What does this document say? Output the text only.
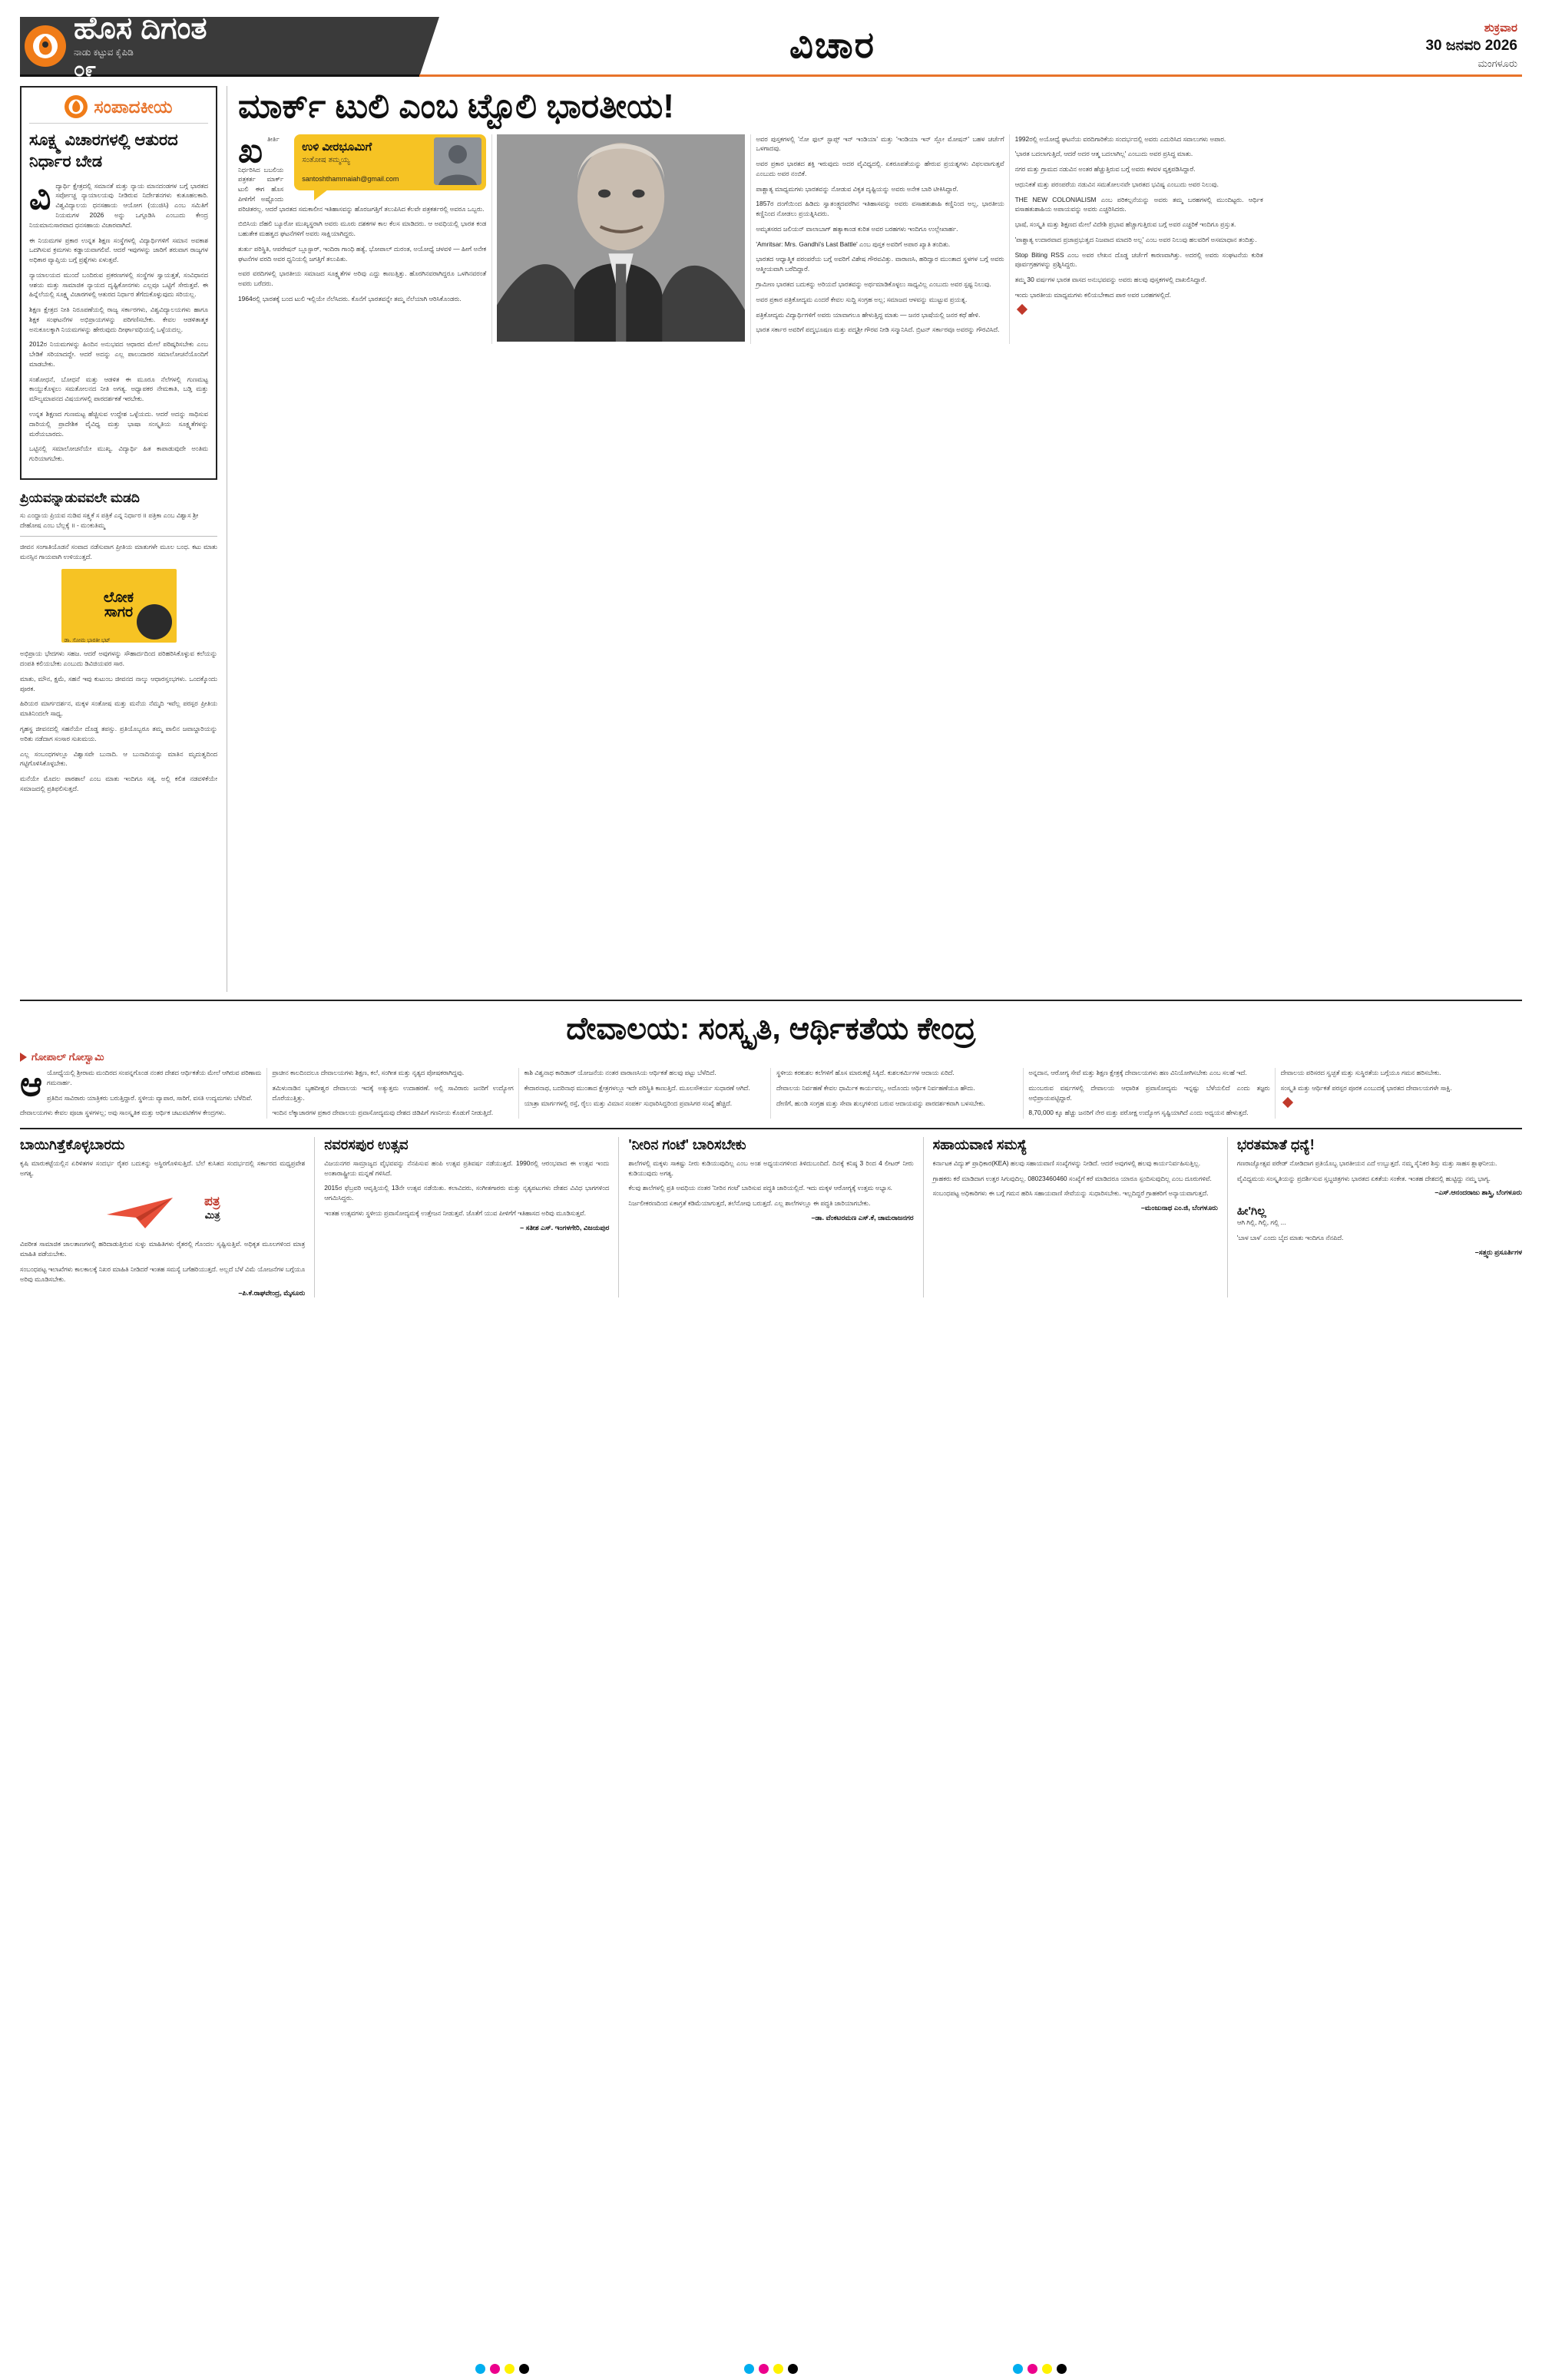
ಹೊಸ ದಿಗಂತ
ನಾಡು ಕಟ್ಟುವ ಕೈಪಿಡಿ
೦೯
ವಿಚಾರ	ಶುಕ್ರವಾರ
30 ಜನವರಿ 2026
ಮಂಗಳೂರು
ಸಂಪಾದಕೀಯ
ಸೂಕ್ಷ್ಮ ವಿಚಾರಗಳಲ್ಲಿ ಆತುರದ ನಿರ್ಧಾರ ಬೇಡ

ವಿದ್ಯಾರ್ಥಿ ಕ್ಷೇತ್ರದಲ್ಲಿ ಸಮಾನತೆ ಮತ್ತು ನ್ಯಾಯ ಮಾನದಂಡಗಳ ಬಗ್ಗೆ ಭಾರತದ ಸರ್ವೋಚ್ಚ ನ್ಯಾಯಾಲಯವು ನೀಡಿರುವ ನಿರ್ದೇಶನಗಳು ಕುತೂಹಲಕಾರಿ. ವಿಶ್ವವಿದ್ಯಾಲಯ ಧನಸಹಾಯ ಆಯೋಗ (ಯುಜಿಸಿ) ಎಂಬ ಸಮಿತಿಗೆ ನಿಯಮಗಳ 2026 ಅನ್ನು ಒಗ್ಗೂಡಿಸಿ ಎಂಬುದು ಕೇಂದ್ರ ನಿಯಮಾನುಸಾರವಾದ ಧನಸಹಾಯ ವಿಚಾರವಾಗಿದೆ.

ಈ ನಿಯಮಗಳ ಪ್ರಕಾರ ಉನ್ನತ ಶಿಕ್ಷಣ ಸಂಸ್ಥೆಗಳಲ್ಲಿ ವಿದ್ಯಾರ್ಥಿಗಳಿಗೆ ಸಮಾನ ಅವಕಾಶ ಒದಗಿಸುವ ಕ್ರಮಗಳು ಕಡ್ಡಾಯವಾಗಲಿವೆ. ಆದರೆ ಇವುಗಳನ್ನು ಜಾರಿಗೆ ತರುವಾಗ ರಾಜ್ಯಗಳ ಅಧಿಕಾರ ವ್ಯಾಪ್ತಿಯ ಬಗ್ಗೆ ಪ್ರಶ್ನೆಗಳು ಏಳುತ್ತವೆ.

ನ್ಯಾಯಾಲಯದ ಮುಂದೆ ಬಂದಿರುವ ಪ್ರಕರಣಗಳಲ್ಲಿ ಸಂಸ್ಥೆಗಳ ಸ್ವಾಯತ್ತತೆ, ಸಂವಿಧಾನದ ಆಶಯ ಮತ್ತು ಸಾಮಾಜಿಕ ನ್ಯಾಯದ ದೃಷ್ಟಿಕೋನಗಳು ಎಲ್ಲವೂ ಒಟ್ಟಿಗೆ ಸೇರುತ್ತವೆ. ಈ ಹಿನ್ನೆಲೆಯಲ್ಲಿ ಸೂಕ್ಷ್ಮ ವಿಚಾರಗಳಲ್ಲಿ ಆತುರದ ನಿರ್ಧಾರ ತೆಗೆದುಕೊಳ್ಳುವುದು ಸರಿಯಲ್ಲ.

ಶಿಕ್ಷಣ ಕ್ಷೇತ್ರದ ನೀತಿ ನಿರೂಪಣೆಯಲ್ಲಿ ರಾಜ್ಯ ಸರ್ಕಾರಗಳು, ವಿಶ್ವವಿದ್ಯಾಲಯಗಳು ಹಾಗೂ ಶಿಕ್ಷಕ ಸಂಘಟನೆಗಳ ಅಭಿಪ್ರಾಯಗಳನ್ನು ಪರಿಗಣಿಸಬೇಕು. ಕೇವಲ ಆಡಳಿತಾತ್ಮಕ ಅನುಕೂಲಕ್ಕಾಗಿ ನಿಯಮಗಳನ್ನು ಹೇರುವುದು ದೀರ್ಘಾವಧಿಯಲ್ಲಿ ಒಳ್ಳೆಯದಲ್ಲ.

2012ರ ನಿಯಮಗಳನ್ನು ಹಿಂದಿನ ಅನುಭವದ ಆಧಾರದ ಮೇಲೆ ಪರಿಷ್ಕರಿಸಬೇಕು ಎಂಬ ಬೇಡಿಕೆ ಸರಿಯಾದದ್ದೇ. ಆದರೆ ಅದನ್ನು ಎಲ್ಲ ಪಾಲುದಾರರ ಸಮಾಲೋಚನೆಯೊಂದಿಗೆ ಮಾಡಬೇಕು.

ಸಂಶೋಧನೆ, ಬೋಧನೆ ಮತ್ತು ಆಡಳಿತ ಈ ಮೂರೂ ನೆಲೆಗಳಲ್ಲಿ ಗುಣಮಟ್ಟ ಕಾಯ್ದುಕೊಳ್ಳಲು ಸಮತೋಲನದ ನೀತಿ ಅಗತ್ಯ. ಅಧ್ಯಾಪಕರ ನೇಮಕಾತಿ, ಬಡ್ತಿ ಮತ್ತು ಮೌಲ್ಯಮಾಪನದ ವಿಷಯಗಳಲ್ಲಿ ಪಾರದರ್ಶಕತೆ ಇರಬೇಕು.

ಉನ್ನತ ಶಿಕ್ಷಣದ ಗುಣಮಟ್ಟ ಹೆಚ್ಚಿಸುವ ಉದ್ದೇಶ ಒಳ್ಳೆಯದು. ಆದರೆ ಅದನ್ನು ಸಾಧಿಸುವ ದಾರಿಯಲ್ಲಿ ಪ್ರಾದೇಶಿಕ ವೈವಿಧ್ಯ ಮತ್ತು ಭಾಷಾ ಸಂಸ್ಕೃತಿಯ ಸೂಕ್ಷ್ಮತೆಗಳನ್ನು ಮರೆಯಬಾರದು.

ಒಟ್ಟಿನಲ್ಲಿ ಸಮಾಲೋಚನೆಯೇ ಮುಖ್ಯ. ವಿದ್ಯಾರ್ಥಿ ಹಿತ ಕಾಪಾಡುವುದೇ ಅಂತಿಮ ಗುರಿಯಾಗಬೇಕು.

ಪ್ರಿಯವನ್ನಾಡುವವಲೇ ಮಡದಿ
ಸು ಎಂದ್ದಾಯ ಪ್ರಿಯವ ನುಡಿವ ಸತ್ತ್ವಕೆ ಸ ಪತ್ರಿಕೆ ಎನ್ನ ನಿರ್ಧಾರ ॥ ಪತ್ರಿಕಾ ಎಂಬ ವಿಶ್ವಾಸ ಶ್ರೀ ದೇಹೋಷ ಎಂಬ ಬೆಲ್ಲಕ್ಕೆ ॥ - ಮಂಕುತಿಮ್ಮ
ಜೀವನ ಸಂಗಾತಿಯೊಡನೆ ಸಂವಾದ ನಡೆಸುವಾಗ ಪ್ರೀತಿಯ ಮಾತುಗಳೇ ಮೂಲ ಬಂಧ. ಕಟು ಮಾತು ಮನಸ್ಸಿನ ಗಾಯವಾಗಿ ಉಳಿಯುತ್ತದೆ.
ಲೋಕ
ಸಾಗರ
ಡಾ. ಸೋಮ ಭಾರತೀ ಭಟ್

ಅಭಿಪ್ರಾಯ ಭೇದಗಳು ಸಹಜ. ಆದರೆ ಅವುಗಳನ್ನು ಸೌಹಾರ್ದದಿಂದ ಪರಿಹರಿಸಿಕೊಳ್ಳುವ ಕಲೆಯನ್ನು ದಂಪತಿ ಕಲಿಯಬೇಕು ಎಂಬುದು ಡಿವಿಜಿಯವರ ಸಾರ.

ಮಾತು, ಮೌನ, ಕ್ಷಮೆ, ಸಹನೆ ಇವು ಕುಟುಂಬ ಜೀವನದ ನಾಲ್ಕು ಆಧಾರಸ್ತಂಭಗಳು. ಒಂದಕ್ಕೊಂದು ಪೂರಕ.

ಹಿರಿಯರ ಮಾರ್ಗದರ್ಶನ, ಮಕ್ಕಳ ಸಂತೋಷ ಮತ್ತು ಮನೆಯ ನೆಮ್ಮದಿ ಇವೆಲ್ಲ ಪರಸ್ಪರ ಪ್ರೀತಿಯ ಮಾತಿನಿಂದಲೇ ಸಾಧ್ಯ.

ಗೃಹಸ್ಥ ಜೀವನದಲ್ಲಿ ಸಹನೆಯೇ ದೊಡ್ಡ ತಪಸ್ಸು. ಪ್ರತಿಯೊಬ್ಬರೂ ತಮ್ಮ ಪಾಲಿನ ಜವಾಬ್ದಾರಿಯನ್ನು ಅರಿತು ನಡೆದಾಗ ಸಂಸಾರ ಸುಖಮಯ.

ಎಲ್ಲ ಸಂಬಂಧಗಳಲ್ಲೂ ವಿಶ್ವಾಸವೇ ಬುನಾದಿ. ಆ ಬುನಾದಿಯನ್ನು ಮಾತಿನ ಮೃದುತ್ವದಿಂದ ಗಟ್ಟಿಗೊಳಿಸಿಕೊಳ್ಳಬೇಕು.

ಮನೆಯೇ ಮೊದಲ ಪಾಠಶಾಲೆ ಎಂಬ ಮಾತು ಇಂದಿಗೂ ಸತ್ಯ. ಅಲ್ಲಿ ಕಲಿತ ನಡವಳಿಕೆಯೇ ಸಮಾಜದಲ್ಲಿ ಪ್ರತಿಫಲಿಸುತ್ತದೆ.

ಮಾರ್ಕ್ ಟುಲಿ ಎಂಬ ಟ್ಟೊಲಿ ಭಾರತೀಯ!
ಉಳಿ ವೀರಭೂಮಿಗೆ
ಸಂತೋಷ ತಮ್ಮಯ್ಯ
santoshthammaiah@gmail.com

ಖತೀರ್ತಿ ನಿರ್ಧರಿಸಿದ ಬಬಲಿಯ ಪತ್ರಕರ್ತ ಮಾರ್ಕ್ ಟುಲಿ ಈಗ ಹೊಸ ಪೀಳಿಗೆಗೆ ಅಷ್ಟೊಂದು ಪರಿಚಿತರಲ್ಲ. ಆದರೆ ಭಾರತದ ಸಮಕಾಲೀನ ಇತಿಹಾಸವನ್ನು ಹೊರಜಗತ್ತಿಗೆ ತಲುಪಿಸಿದ ಕೆಲವೇ ಪತ್ರಕರ್ತರಲ್ಲಿ ಅವರೂ ಒಬ್ಬರು.

ಬಿಬಿಸಿಯ ದೆಹಲಿ ಬ್ಯೂರೋ ಮುಖ್ಯಸ್ಥರಾಗಿ ಅವರು ಮೂರು ದಶಕಗಳ ಕಾಲ ಕೆಲಸ ಮಾಡಿದರು. ಆ ಅವಧಿಯಲ್ಲಿ ಭಾರತ ಕಂಡ ಬಹುತೇಕ ಮಹತ್ವದ ಘಟನೆಗಳಿಗೆ ಅವರು ಸಾಕ್ಷಿಯಾಗಿದ್ದರು.

ತುರ್ತು ಪರಿಸ್ಥಿತಿ, ಆಪರೇಷನ್ ಬ್ಲೂಸ್ಟಾರ್, ಇಂದಿರಾ ಗಾಂಧಿ ಹತ್ಯೆ, ಭೋಪಾಲ್ ದುರಂತ, ಅಯೋಧ್ಯೆ ಚಳವಳಿ — ಹೀಗೆ ಅನೇಕ ಘಟನೆಗಳ ವರದಿ ಅವರ ಧ್ವನಿಯಲ್ಲಿ ಜಗತ್ತಿಗೆ ತಲುಪಿತು.

ಅವರ ವರದಿಗಳಲ್ಲಿ ಭಾರತೀಯ ಸಮಾಜದ ಸೂಕ್ಷ್ಮತೆಗಳ ಅರಿವು ಎದ್ದು ಕಾಣುತ್ತಿತ್ತು. ಹೊರಗಿನವರಾಗಿದ್ದರೂ ಒಳಗಿನವರಂತೆ ಅವರು ಬರೆದರು.

1964ರಲ್ಲಿ ಭಾರತಕ್ಕೆ ಬಂದ ಟುಲಿ ಇಲ್ಲಿಯೇ ನೆಲೆಸಿದರು. ಕೊನೆಗೆ ಭಾರತವನ್ನೇ ತಮ್ಮ ನೆಲೆಯಾಗಿ ಆರಿಸಿಕೊಂಡರು.

ಅವರ ಪುಸ್ತಕಗಳಲ್ಲಿ 'ನೋ ಫುಲ್ ಸ್ಟಾಪ್ಸ್ ಇನ್ ಇಂಡಿಯಾ' ಮತ್ತು 'ಇಂಡಿಯಾ ಇನ್ ಸ್ಲೋ ಮೋಷನ್' ಬಹಳ ಚರ್ಚೆಗೆ ಒಳಗಾದವು.

ಅವರ ಪ್ರಕಾರ ಭಾರತದ ಶಕ್ತಿ ಇರುವುದು ಅದರ ವೈವಿಧ್ಯದಲ್ಲಿ. ಏಕರೂಪತೆಯನ್ನು ಹೇರುವ ಪ್ರಯತ್ನಗಳು ವಿಫಲವಾಗುತ್ತವೆ ಎಂಬುದು ಅವರ ನಂಬಿಕೆ.

ಪಾಶ್ಚಾತ್ಯ ಮಾಧ್ಯಮಗಳು ಭಾರತವನ್ನು ನೋಡುವ ವಿಕೃತ ದೃಷ್ಟಿಯನ್ನು ಅವರು ಅನೇಕ ಬಾರಿ ಟೀಕಿಸಿದ್ದಾರೆ.

1857ರ ದಂಗೆಯಿಂದ ಹಿಡಿದು ಸ್ವಾತಂತ್ರ್ಯದವರೆಗಿನ ಇತಿಹಾಸವನ್ನು ಅವರು ವಸಾಹತುಶಾಹಿ ಕಣ್ಣಿನಿಂದ ಅಲ್ಲ, ಭಾರತೀಯ ಕಣ್ಣಿನಿಂದ ನೋಡಲು ಪ್ರಯತ್ನಿಸಿದರು.

ಅಮೃತಸರದ ಜಲಿಯನ್ ವಾಲಾಬಾಗ್ ಹತ್ಯಾಕಾಂಡ ಕುರಿತ ಅವರ ಬರಹಗಳು ಇಂದಿಗೂ ಉಲ್ಲೇಖಾರ್ಹ.

'Amritsar: Mrs. Gandhi's Last Battle' ಎಂಬ ಪುಸ್ತಕ ಅವರಿಗೆ ಅಪಾರ ಖ್ಯಾತಿ ತಂದಿತು.

ಭಾರತದ ಆಧ್ಯಾತ್ಮಿಕ ಪರಂಪರೆಯ ಬಗ್ಗೆ ಅವರಿಗೆ ವಿಶೇಷ ಗೌರವವಿತ್ತು. ವಾರಾಣಸಿ, ಹರಿದ್ವಾರ ಮುಂತಾದ ಸ್ಥಳಗಳ ಬಗ್ಗೆ ಅವರು ಆತ್ಮೀಯವಾಗಿ ಬರೆದಿದ್ದಾರೆ.

ಗ್ರಾಮೀಣ ಭಾರತದ ಬದುಕನ್ನು ಅರಿಯದೆ ಭಾರತವನ್ನು ಅರ್ಥಮಾಡಿಕೊಳ್ಳಲು ಸಾಧ್ಯವಿಲ್ಲ ಎಂಬುದು ಅವರ ಸ್ಪಷ್ಟ ನಿಲುವು.

ಅವರ ಪ್ರಕಾರ ಪತ್ರಿಕೋದ್ಯಮ ಎಂದರೆ ಕೇವಲ ಸುದ್ದಿ ಸಂಗ್ರಹ ಅಲ್ಲ; ಸಮಾಜದ ಆಳವನ್ನು ಮುಟ್ಟುವ ಪ್ರಯತ್ನ.

ಪತ್ರಿಕೋದ್ಯಮ ವಿದ್ಯಾರ್ಥಿಗಳಿಗೆ ಅವರು ಯಾವಾಗಲೂ ಹೇಳುತ್ತಿದ್ದ ಮಾತು — ಜನರ ಭಾಷೆಯಲ್ಲಿ ಜನರ ಕಥೆ ಹೇಳಿ.

ಭಾರತ ಸರ್ಕಾರ ಅವರಿಗೆ ಪದ್ಮಭೂಷಣ ಮತ್ತು ಪದ್ಮಶ್ರೀ ಗೌರವ ನೀಡಿ ಸನ್ಮಾನಿಸಿದೆ. ಬ್ರಿಟನ್ ಸರ್ಕಾರವೂ ಅವರನ್ನು ಗೌರವಿಸಿದೆ.

1992ರಲ್ಲಿ ಅಯೋಧ್ಯೆ ಘಟನೆಯ ವರದಿಗಾರಿಕೆಯ ಸಂದರ್ಭದಲ್ಲಿ ಅವರು ಎದುರಿಸಿದ ಸವಾಲುಗಳು ಅಪಾರ.

'ಭಾರತ ಬದಲಾಗುತ್ತಿದೆ, ಆದರೆ ಅದರ ಆತ್ಮ ಬದಲಾಗಿಲ್ಲ' ಎಂಬುದು ಅವರ ಪ್ರಸಿದ್ಧ ಮಾತು.

ನಗರ ಮತ್ತು ಗ್ರಾಮದ ನಡುವಿನ ಅಂತರ ಹೆಚ್ಚುತ್ತಿರುವ ಬಗ್ಗೆ ಅವರು ಕಳವಳ ವ್ಯಕ್ತಪಡಿಸಿದ್ದಾರೆ.

ಆಧುನಿಕತೆ ಮತ್ತು ಪರಂಪರೆಯ ನಡುವಿನ ಸಮತೋಲನವೇ ಭಾರತದ ಭವಿಷ್ಯ ಎಂಬುದು ಅವರ ನಿಲುವು.

THE NEW COLONIALISM ಎಂಬ ಪರಿಕಲ್ಪನೆಯನ್ನು ಅವರು ತಮ್ಮ ಬರಹಗಳಲ್ಲಿ ಮುಂದಿಟ್ಟರು. ಆರ್ಥಿಕ ವಸಾಹತುಶಾಹಿಯ ಅಪಾಯವನ್ನು ಅವರು ಎಚ್ಚರಿಸಿದರು.

ಭಾಷೆ, ಸಂಸ್ಕೃತಿ ಮತ್ತು ಶಿಕ್ಷಣದ ಮೇಲೆ ವಿದೇಶಿ ಪ್ರಭಾವ ಹೆಚ್ಚಾಗುತ್ತಿರುವ ಬಗ್ಗೆ ಅವರ ಎಚ್ಚರಿಕೆ ಇಂದಿಗೂ ಪ್ರಸ್ತುತ.

'ಪಾಶ್ಚಾತ್ಯ ಉದಾರವಾದ ಪ್ರಜಾಪ್ರಭುತ್ವದ ನಿಜವಾದ ಮಾದರಿ ಅಲ್ಲ' ಎಂಬ ಅವರ ನಿಲುವು ಹಲವರಿಗೆ ಅಸಮಾಧಾನ ತಂದಿತ್ತು.

Stop Biting RSS ಎಂಬ ಅವರ ಲೇಖನ ದೊಡ್ಡ ಚರ್ಚೆಗೆ ಕಾರಣವಾಗಿತ್ತು. ಅದರಲ್ಲಿ ಅವರು ಸಂಘಟನೆಯ ಕುರಿತ ಪೂರ್ವಗ್ರಹಗಳನ್ನು ಪ್ರಶ್ನಿಸಿದ್ದರು.

ತಮ್ಮ 30 ವರ್ಷಗಳ ಭಾರತ ವಾಸದ ಅನುಭವವನ್ನು ಅವರು ಹಲವು ಪುಸ್ತಕಗಳಲ್ಲಿ ದಾಖಲಿಸಿದ್ದಾರೆ.

ಇಂದು ಭಾರತೀಯ ಮಾಧ್ಯಮಗಳು ಕಲಿಯಬೇಕಾದ ಪಾಠ ಅವರ ಬರಹಗಳಲ್ಲಿದೆ.

ದೇವಾಲಯ: ಸಂಸ್ಕೃತಿ, ಆರ್ಥಿಕತೆಯ ಕೇಂದ್ರ
ಗೋಪಾಲ್ ಗೋಸ್ವಾಮಿ

ಆಯೋಧ್ಯೆಯಲ್ಲಿ ಶ್ರೀರಾಮ ಮಂದಿರದ ಸಂಪನ್ನಗೊಂಡ ನಂತರ ದೇಶದ ಆರ್ಥಿಕತೆಯ ಮೇಲೆ ಆಗಿರುವ ಪರಿಣಾಮ ಗಮನಾರ್ಹ.

ಪ್ರತಿದಿನ ಸಾವಿರಾರು ಯಾತ್ರಿಕರು ಬರುತ್ತಿದ್ದಾರೆ. ಸ್ಥಳೀಯ ವ್ಯಾಪಾರ, ಸಾರಿಗೆ, ವಸತಿ ಉದ್ಯಮಗಳು ಬೆಳೆದಿವೆ.

ದೇವಾಲಯಗಳು ಕೇವಲ ಪೂಜಾ ಸ್ಥಳಗಳಲ್ಲ; ಅವು ಸಾಂಸ್ಕೃತಿಕ ಮತ್ತು ಆರ್ಥಿಕ ಚಟುವಟಿಕೆಗಳ ಕೇಂದ್ರಗಳು.

ಪ್ರಾಚೀನ ಕಾಲದಿಂದಲೂ ದೇವಾಲಯಗಳು ಶಿಕ್ಷಣ, ಕಲೆ, ಸಂಗೀತ ಮತ್ತು ನೃತ್ಯದ ಪೋಷಕರಾಗಿದ್ದವು.

ತಮಿಳುನಾಡಿನ ಬೃಹದೀಶ್ವರ ದೇವಾಲಯ ಇದಕ್ಕೆ ಅತ್ಯುತ್ತಮ ಉದಾಹರಣೆ. ಅಲ್ಲಿ ಸಾವಿರಾರು ಜನರಿಗೆ ಉದ್ಯೋಗ ದೊರೆಯುತ್ತಿತ್ತು.

ಇಂದಿನ ಲೆಕ್ಕಾಚಾರಗಳ ಪ್ರಕಾರ ದೇವಾಲಯ ಪ್ರವಾಸೋದ್ಯಮವು ದೇಶದ ಜಿಡಿಪಿಗೆ ಗಣನೀಯ ಕೊಡುಗೆ ನೀಡುತ್ತಿದೆ.

ಕಾಶಿ ವಿಶ್ವನಾಥ ಕಾರಿಡಾರ್ ಯೋಜನೆಯ ನಂತರ ವಾರಾಣಸಿಯ ಆರ್ಥಿಕತೆ ಹಲವು ಪಟ್ಟು ಬೆಳೆದಿದೆ.

ಕೇದಾರನಾಥ, ಬದರಿನಾಥ ಮುಂತಾದ ಕ್ಷೇತ್ರಗಳಲ್ಲೂ ಇದೇ ಪರಿಸ್ಥಿತಿ ಕಾಣುತ್ತಿದೆ. ಮೂಲಸೌಕರ್ಯ ಸುಧಾರಣೆ ಆಗಿದೆ.

ಯಾತ್ರಾ ಮಾರ್ಗಗಳಲ್ಲಿ ರಸ್ತೆ, ರೈಲು ಮತ್ತು ವಿಮಾನ ಸಂಪರ್ಕ ಸುಧಾರಿಸಿದ್ದರಿಂದ ಪ್ರವಾಸಿಗರ ಸಂಖ್ಯೆ ಹೆಚ್ಚಿದೆ.

ಸ್ಥಳೀಯ ಕರಕುಶಲ ಕಲೆಗಳಿಗೆ ಹೊಸ ಮಾರುಕಟ್ಟೆ ಸಿಕ್ಕಿದೆ. ಕುಶಲಕರ್ಮಿಗಳ ಆದಾಯ ಏರಿದೆ.

ದೇವಾಲಯ ನಿರ್ವಹಣೆ ಕೇವಲ ಧಾರ್ಮಿಕ ಕಾರ್ಯವಲ್ಲ, ಅದೊಂದು ಆರ್ಥಿಕ ನಿರ್ವಹಣೆಯೂ ಹೌದು.

ದೇಣಿಗೆ, ಹುಂಡಿ ಸಂಗ್ರಹ ಮತ್ತು ಸೇವಾ ಶುಲ್ಕಗಳಿಂದ ಬರುವ ಆದಾಯವನ್ನು ಪಾರದರ್ಶಕವಾಗಿ ಬಳಸಬೇಕು.

ಅನ್ನದಾನ, ಆರೋಗ್ಯ ಸೇವೆ ಮತ್ತು ಶಿಕ್ಷಣ ಕ್ಷೇತ್ರಕ್ಕೆ ದೇವಾಲಯಗಳು ಹಣ ವಿನಿಯೋಗಿಸಬೇಕು ಎಂಬ ಸಲಹೆ ಇದೆ.

ಮುಂಬರುವ ವರ್ಷಗಳಲ್ಲಿ ದೇವಾಲಯ ಆಧಾರಿತ ಪ್ರವಾಸೋದ್ಯಮ ಇನ್ನಷ್ಟು ಬೆಳೆಯಲಿದೆ ಎಂದು ತಜ್ಞರು ಅಭಿಪ್ರಾಯಪಟ್ಟಿದ್ದಾರೆ.

8,70,000 ಕ್ಕೂ ಹೆಚ್ಚು ಜನರಿಗೆ ನೇರ ಮತ್ತು ಪರೋಕ್ಷ ಉದ್ಯೋಗ ಸೃಷ್ಟಿಯಾಗಿದೆ ಎಂದು ಅಧ್ಯಯನ ಹೇಳುತ್ತದೆ.

ದೇವಾಲಯ ಪರಿಸರದ ಸ್ವಚ್ಛತೆ ಮತ್ತು ಸುಸ್ಥಿರತೆಯ ಬಗ್ಗೆಯೂ ಗಮನ ಹರಿಸಬೇಕು.

ಸಂಸ್ಕೃತಿ ಮತ್ತು ಆರ್ಥಿಕತೆ ಪರಸ್ಪರ ಪೂರಕ ಎಂಬುದಕ್ಕೆ ಭಾರತದ ದೇವಾಲಯಗಳೇ ಸಾಕ್ಷಿ.

ಬಾಯಿಗಿತ್ತೆಕೊಳ್ಳಬಾರದು

ಕೃಷಿ ಮಾರುಕಟ್ಟೆಯಲ್ಲಿನ ಏರಿಳಿತಗಳ ಸಂದರ್ಭ ರೈತರ ಬದುಕನ್ನು ಅಸ್ಥಿರಗೊಳಿಸುತ್ತಿದೆ. ಬೆಲೆ ಕುಸಿತದ ಸಂದರ್ಭದಲ್ಲಿ ಸರ್ಕಾರದ ಮಧ್ಯಪ್ರವೇಶ ಅಗತ್ಯ.

ಪತ್ರ
ಮಿತ್ರ

ವಿಪರೀತ ಸಾಮಾಜಿಕ ಜಾಲತಾಣಗಳಲ್ಲಿ ಹರಿದಾಡುತ್ತಿರುವ ಸುಳ್ಳು ಮಾಹಿತಿಗಳು ರೈತರಲ್ಲಿ ಗೊಂದಲ ಸೃಷ್ಟಿಸುತ್ತಿವೆ. ಅಧಿಕೃತ ಮೂಲಗಳಿಂದ ಮಾತ್ರ ಮಾಹಿತಿ ಪಡೆಯಬೇಕು.

ಸಂಬಂಧಪಟ್ಟ ಇಲಾಖೆಗಳು ಕಾಲಕಾಲಕ್ಕೆ ನಿಖರ ಮಾಹಿತಿ ನೀಡಿದರೆ ಇಂತಹ ಸಮಸ್ಯೆ ಬಗೆಹರಿಯುತ್ತದೆ. ಅಲ್ಲದೆ ಬೆಳೆ ವಿಮೆ ಯೋಜನೆಗಳ ಬಗ್ಗೆಯೂ ಅರಿವು ಮೂಡಿಸಬೇಕು.

–ಪಿ.ಕೆ.ರಾಘವೇಂದ್ರ, ಮೈಸೂರು
ನವರಸಪುರ ಉತ್ಸವ

ವಿಜಯನಗರ ಸಾಮ್ರಾಜ್ಯದ ವೈಭವವನ್ನು ನೆನಪಿಸುವ ಹಂಪಿ ಉತ್ಸವ ಪ್ರತಿವರ್ಷ ನಡೆಯುತ್ತದೆ. 1990ರಲ್ಲಿ ಆರಂಭವಾದ ಈ ಉತ್ಸವ ಇಂದು ಅಂತಾರಾಷ್ಟ್ರೀಯ ಮನ್ನಣೆ ಗಳಿಸಿದೆ.

2015ರ ಫೆಬ್ರವರಿ ಆವೃತ್ತಿಯಲ್ಲಿ 13ನೇ ಉತ್ಸವ ನಡೆಯಿತು. ಕಲಾವಿದರು, ಸಂಗೀತಗಾರರು ಮತ್ತು ನೃತ್ಯಪಟುಗಳು ದೇಶದ ವಿವಿಧ ಭಾಗಗಳಿಂದ ಆಗಮಿಸಿದ್ದರು.

ಇಂತಹ ಉತ್ಸವಗಳು ಸ್ಥಳೀಯ ಪ್ರವಾಸೋದ್ಯಮಕ್ಕೆ ಉತ್ತೇಜನ ನೀಡುತ್ತವೆ. ಜೊತೆಗೆ ಯುವ ಪೀಳಿಗೆಗೆ ಇತಿಹಾಸದ ಅರಿವು ಮೂಡಿಸುತ್ತವೆ.

– ಸತೀಶ ಎಸ್. ಇಂಗಳಗೇರಿ, ವಿಜಯಪುರ
'ನೀರಿನ ಗಂಟೆ' ಬಾರಿಸಬೇಕು

ಶಾಲೆಗಳಲ್ಲಿ ಮಕ್ಕಳು ಸಾಕಷ್ಟು ನೀರು ಕುಡಿಯುವುದಿಲ್ಲ ಎಂಬ ಅಂಶ ಅಧ್ಯಯನಗಳಿಂದ ತಿಳಿದುಬಂದಿದೆ. ದಿನಕ್ಕೆ ಕನಿಷ್ಠ 3 ರಿಂದ 4 ಲೀಟರ್ ನೀರು ಕುಡಿಯುವುದು ಅಗತ್ಯ.

ಕೆಲವು ಶಾಲೆಗಳಲ್ಲಿ ಪ್ರತಿ ಅವಧಿಯ ನಂತರ 'ನೀರಿನ ಗಂಟೆ' ಬಾರಿಸುವ ಪದ್ಧತಿ ಜಾರಿಯಲ್ಲಿದೆ. ಇದು ಮಕ್ಕಳ ಆರೋಗ್ಯಕ್ಕೆ ಉತ್ತಮ ಅಭ್ಯಾಸ.

ನಿರ್ಜಲೀಕರಣದಿಂದ ಏಕಾಗ್ರತೆ ಕಡಿಮೆಯಾಗುತ್ತದೆ, ತಲೆನೋವು ಬರುತ್ತದೆ. ಎಲ್ಲ ಶಾಲೆಗಳಲ್ಲೂ ಈ ಪದ್ಧತಿ ಜಾರಿಯಾಗಬೇಕು.

–ಡಾ. ವೆಂಕಟರಮಣ ಎಸ್.ಕೆ, ಚಾಮರಾಜನಗರ
ಸಹಾಯವಾಣಿ ಸಮಸ್ಯೆ

ಕರ್ನಾಟಕ ವಿದ್ಯುತ್ ಪ್ರಾಧಿಕಾರ(KEA) ಹಲವು ಸಹಾಯವಾಣಿ ಸಂಖ್ಯೆಗಳನ್ನು ನೀಡಿದೆ. ಆದರೆ ಅವುಗಳಲ್ಲಿ ಹಲವು ಕಾರ್ಯನಿರ್ವಹಿಸುತ್ತಿಲ್ಲ.

ಗ್ರಾಹಕರು ಕರೆ ಮಾಡಿದಾಗ ಉತ್ತರ ಸಿಗುವುದಿಲ್ಲ. 08023460460 ಸಂಖ್ಯೆಗೆ ಕರೆ ಮಾಡಿದರೂ ಯಾರೂ ಸ್ಪಂದಿಸುವುದಿಲ್ಲ ಎಂಬ ದೂರುಗಳಿವೆ.

ಸಂಬಂಧಪಟ್ಟ ಅಧಿಕಾರಿಗಳು ಈ ಬಗ್ಗೆ ಗಮನ ಹರಿಸಿ ಸಹಾಯವಾಣಿ ಸೇವೆಯನ್ನು ಸುಧಾರಿಸಬೇಕು. ಇಲ್ಲದಿದ್ದರೆ ಗ್ರಾಹಕರಿಗೆ ಅನ್ಯಾಯವಾಗುತ್ತದೆ.

–ಮಂಜುನಾಥ ಎಂ.ಜಿ, ಬೆಂಗಳೂರು
ಭರತಮಾತೆ ಧನ್ಯೆ!

ಗಣರಾಜ್ಯೋತ್ಸವ ಪರೇಡ್ ನೋಡಿದಾಗ ಪ್ರತಿಯೊಬ್ಬ ಭಾರತೀಯನ ಎದೆ ಉಬ್ಬುತ್ತದೆ. ನಮ್ಮ ಸೈನಿಕರ ಶಿಸ್ತು ಮತ್ತು ಸಾಹಸ ಶ್ಲಾಘನೀಯ.

ವೈವಿಧ್ಯಮಯ ಸಂಸ್ಕೃತಿಯನ್ನು ಪ್ರದರ್ಶಿಸುವ ಸ್ತಬ್ಧಚಿತ್ರಗಳು ಭಾರತದ ಏಕತೆಯ ಸಂಕೇತ. ಇಂತಹ ದೇಶದಲ್ಲಿ ಹುಟ್ಟಿದ್ದು ನಮ್ಮ ಭಾಗ್ಯ.

–ಎಸ್.ಆನಂದರಾಜು ಶಾಸ್ತ್ರಿ, ಬೆಂಗಳೂರು
ಹೀ'ಗಿಲ್ಲ

ಆಗಿ ಗಿಲ್ಲಿ, ಗಿಲ್ಲಿ, ಗಲ್ಲಿ ...

'ಬಾಳ ಬಾಳ' ಎಂದು ಬೈದ ಮಾತು ಇಂದಿಗೂ ನೆನಪಿದೆ.

–ಸತ್ತ್ವರು ಪ್ರಸೂರ್ತಿಗಳ
